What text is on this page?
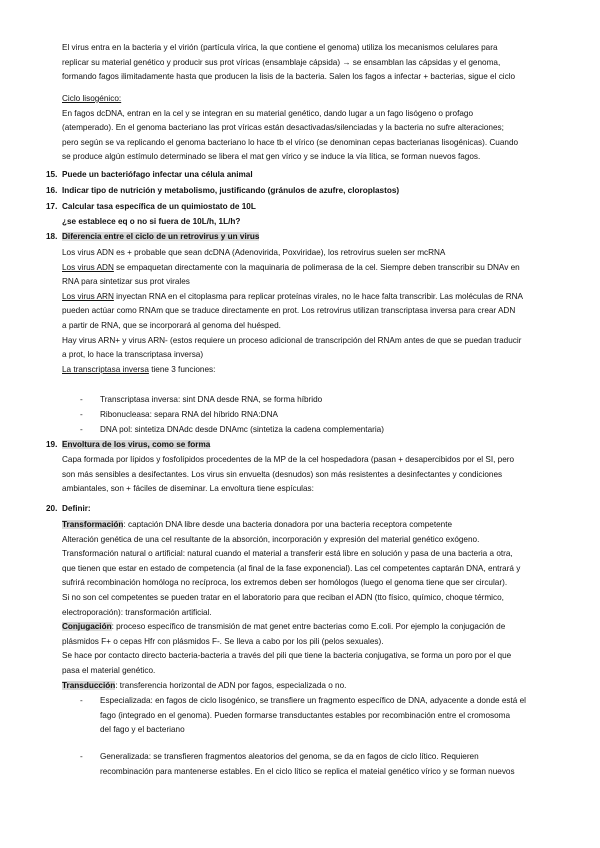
El virus entra en la bacteria y el virión (partícula vírica, la que contiene el genoma) utiliza los mecanismos celulares para
replicar su material genético y producir sus prot víricas (ensamblaje cápsida) → se ensamblan las cápsidas y el genoma,
formando fagos ilimitadamente hasta que producen la lisis de la bacteria. Salen los fagos a infectar + bacterias, sigue el ciclo
Ciclo lisogénico:
En fagos dcDNA, entran en la cel y se integran en su material genético, dando lugar a un fago lisógeno o profago
(atemperado). En el genoma bacteriano las prot víricas están desactivadas/silenciadas y la bacteria no sufre alteraciones;
pero según se va replicando el genoma bacteriano lo hace tb el vírico (se denominan cepas bacterianas lisogénicas). Cuando
se produce algún estímulo determinado se libera el mat gen vírico y se induce la vía lítica, se forman nuevos fagos.
15. Puede un bacteriófago infectar una célula animal
16. Indicar tipo de nutrición y metabolismo, justificando (gránulos de azufre, cloroplastos)
17. Calcular tasa específica de un quimiostato de 10L
¿se establece eq o no si fuera de 10L/h, 1L/h?
18. Diferencia entre el ciclo de un retrovirus y un virus
Los virus ADN es + probable que sean dcDNA (Adenovirida, Poxviridae), los retrovirus suelen ser mcRNA
Los virus ADN se empaquetan directamente con la maquinaria de polimerasa de la cel. Siempre deben transcribir su DNAv en
RNA para sintetizar sus prot virales
Los virus ARN inyectan RNA en el citoplasma para replicar proteínas virales, no le hace falta transcribir. Las moléculas de RNA
pueden actúar como RNAm que se traduce directamente en prot. Los retrovirus utilizan transcriptasa inversa para crear ADN
a partir de RNA, que se incorporará al genoma del huésped.
Hay virus ARN+ y virus ARN- (estos requiere un proceso adicional de transcripción del RNAm antes de que se puedan traducir
a prot, lo hace la transcriptasa inversa)
La transcriptasa inversa tiene 3 funciones:
- Transcriptasa inversa: sint DNA desde RNA, se forma híbrido
- Ribonucleasa: separa RNA del híbrido RNA:DNA
- DNA pol: sintetiza DNAdc desde DNAmc (sintetiza la cadena complementaria)
19. Envoltura de los virus, como se forma
Capa formada por lípidos y fosfolípidos procedentes de la MP de la cel hospedadora (pasan + desapercibidos por el SI, pero
son más sensibles a desifectantes. Los virus sin envuelta (desnudos) son más resistentes a desinfectantes y condiciones
ambiantales, son + fáciles de diseminar. La envoltura tiene espículas:
20. Definir:
Transformación: captación DNA libre desde una bacteria donadora por una bacteria receptora competente
Alteración genética de una cel resultante de la absorción, incorporación y expresión del material genético exógeno.
Transformación natural o artificial: natural cuando el material a transferir está libre en solución y pasa de una bacteria a otra,
que tienen que estar en estado de competencia (al final de la fase exponencial). Las cel competentes captarán DNA, entrará y
sufrirá recombinación homóloga no recíproca, los extremos deben ser homólogos (luego el genoma tiene que ser circular).
Si no son cel competentes se pueden tratar en el laboratorio para que reciban el ADN (tto físico, químico, choque térmico,
electroporación): transformación artificial.
Conjugación: proceso específico de transmisión de mat genet entre bacterias como E.coli. Por ejemplo la conjugación de
plásmidos F+ o cepas Hfr con plásmidos F-. Se lleva a cabo por los pili (pelos sexuales).
Se hace por contacto directo bacteria-bacteria a través del pili que tiene la bacteria conjugativa, se forma un poro por el que
pasa el material genético.
Transducción: transferencia horizontal de ADN por fagos, especializada o no.
- Especializada: en fagos de ciclo lisogénico, se transfiere un fragmento específico de DNA, adyacente a donde está el
fago (integrado en el genoma). Pueden formarse transductantes estables por recombinación entre el cromosoma
del fago y el bacteriano
- Generalizada: se transfieren fragmentos aleatorios del genoma, se da en fagos de ciclo lítico. Requieren
recombinación para mantenerse estables. En el ciclo lítico se replica el mateial genético vírico y se forman nuevos
